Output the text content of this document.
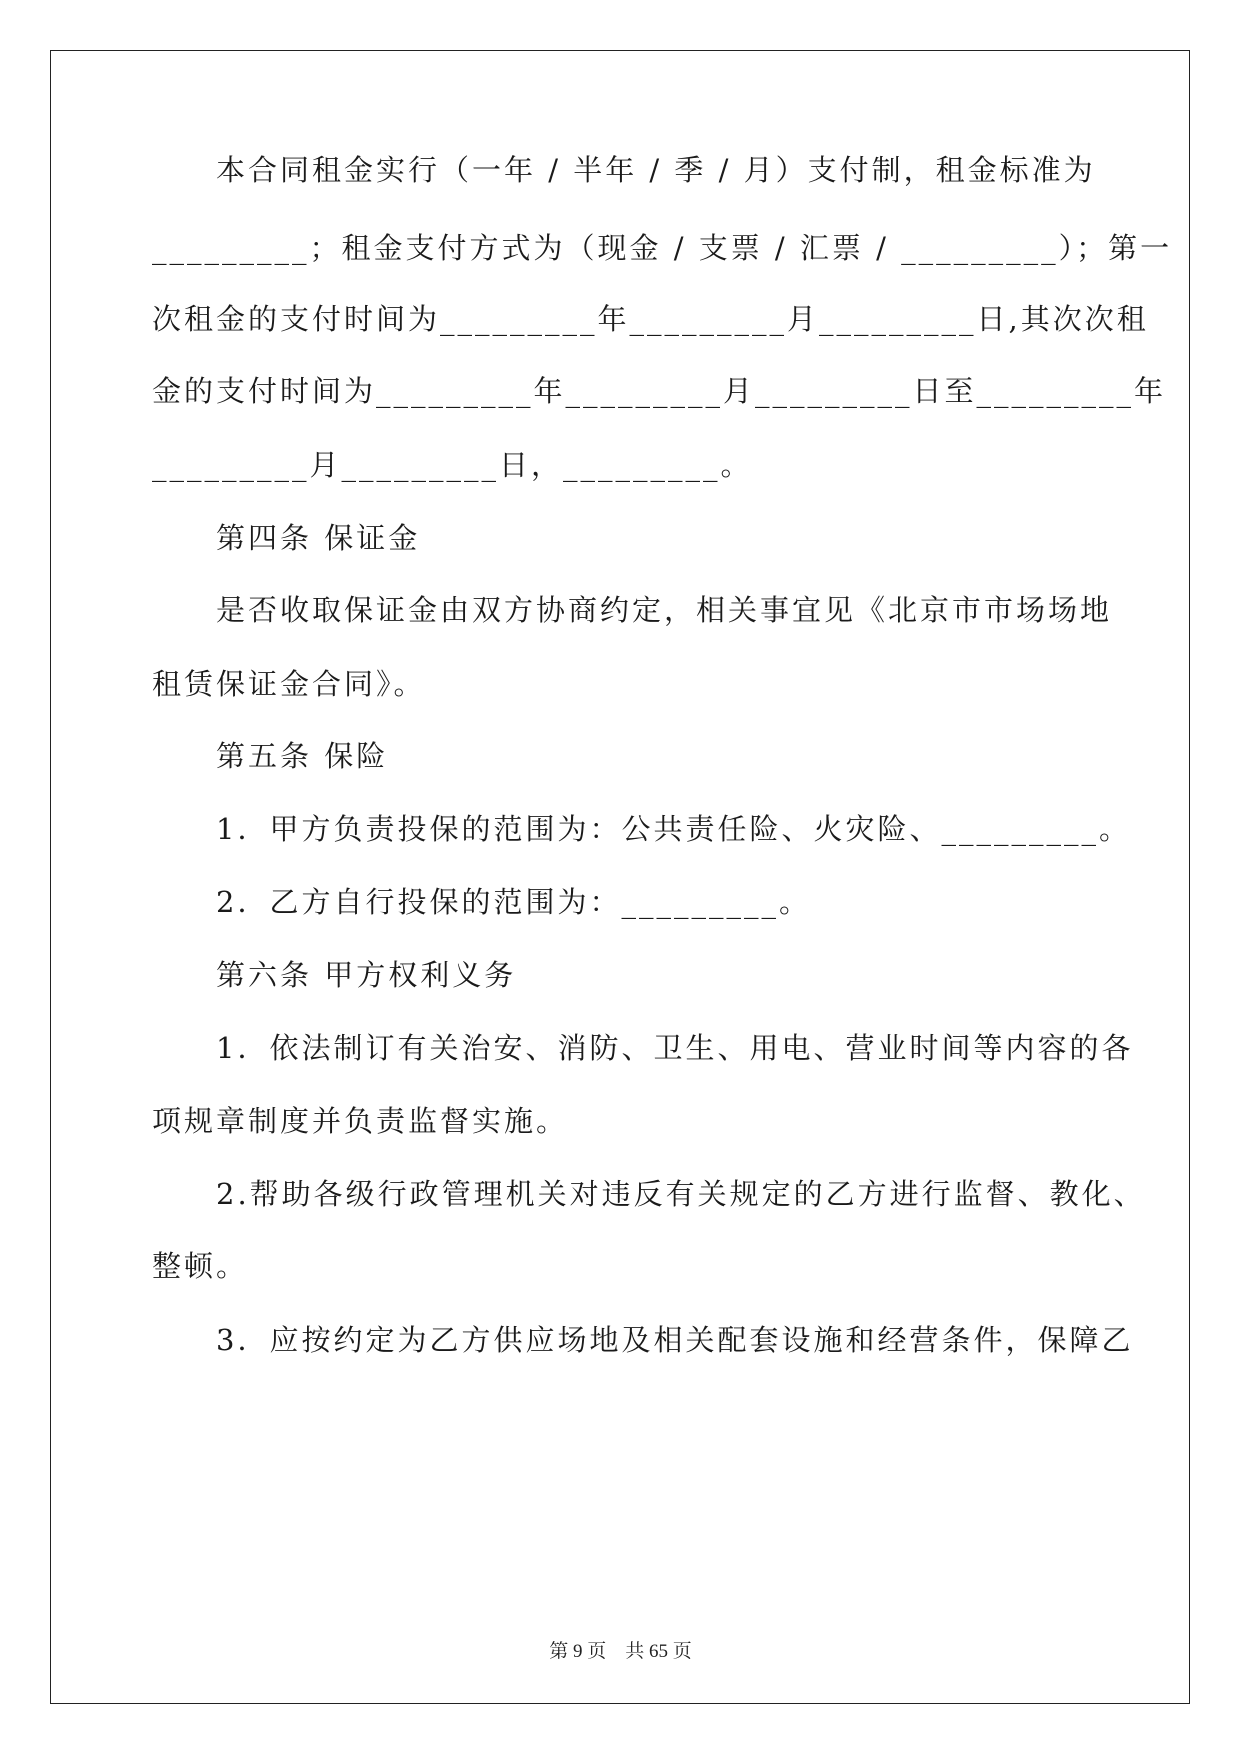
本合同租金实行（一年 / 半年 / 季 / 月）支付制，租金标准为
_________；租金支付方式为（现金 / 支票 / 汇票 / _________）；第一
次租金的支付时间为_________年_________月_________日,其次次租
金的支付时间为_________年_________月_________日至_________年
_________月_________日，_________。
第四条 保证金
是否收取保证金由双方协商约定，相关事宜见《北京市市场场地
租赁保证金合同》。
第五条 保险
1．甲方负责投保的范围为：公共责任险、火灾险、_________。
2．乙方自行投保的范围为：_________。
第六条 甲方权利义务
1．依法制订有关治安、消防、卫生、用电、营业时间等内容的各
项规章制度并负责监督实施。
2.帮助各级行政管理机关对违反有关规定的乙方进行监督、教化、
整顿。
3．应按约定为乙方供应场地及相关配套设施和经营条件，保障乙
第 9 页　共 65 页
